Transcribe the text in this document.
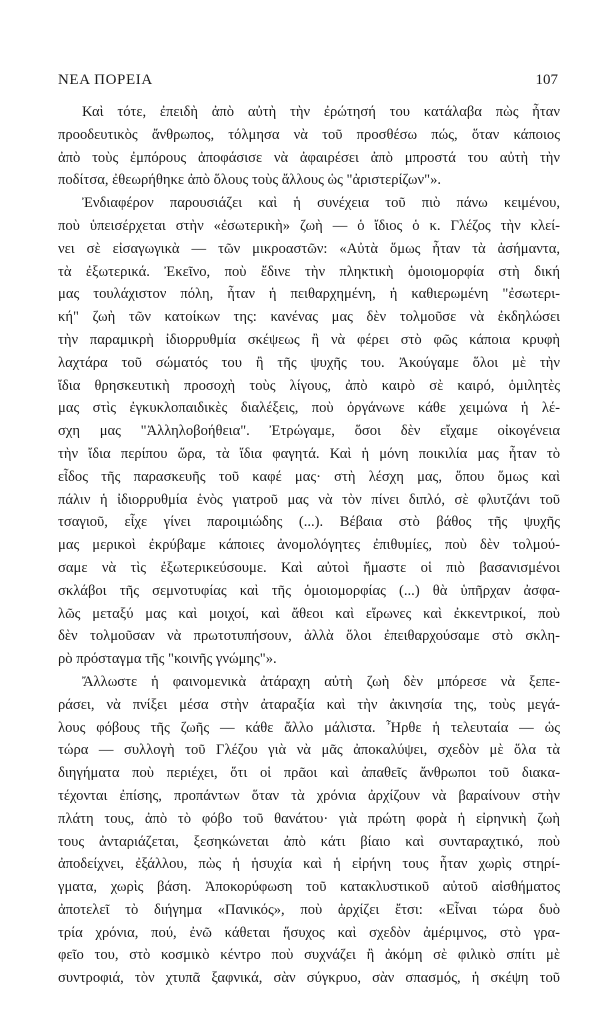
ΝΕΑ ΠΟΡΕΙΑ	107
Καὶ τότε, ἐπειδὴ ἀπὸ αὐτὴ τὴν ἐρώτησή του κατάλαβα πὼς ἦταν
προοδευτικὸς ἄνθρωπος, τόλμησα νὰ τοῦ προσθέσω πώς, ὅταν κάποιος
ἀπὸ τοὺς ἐμπόρους ἀποφάσισε νὰ ἀφαιρέσει ἀπὸ μπροστά του αὐτὴ τὴν
ποδίτσα, ἐθεωρήθηκε ἀπὸ ὅλους τοὺς ἄλλους ὡς "ἀριστερίζων"».
Ἐνδιαφέρον παρουσιάζει καὶ ἡ συνέχεια τοῦ πιὸ πάνω κειμένου,
ποὺ ὑπεισέρχεται στὴν «ἐσωτερικὴ» ζωὴ — ὁ ἴδιος ὁ κ. Γλέζος τὴν κλεί-
νει σὲ εἰσαγωγικὰ — τῶν μικροαστῶν: «Αὐτὰ ὅμως ἦταν τὰ ἀσήμαντα,
τὰ ἐξωτερικά. Ἐκεῖνο, ποὺ ἔδινε τὴν πληκτικὴ ὁμοιομορφία στὴ δική
μας τουλάχιστον πόλη, ἦταν ἡ πειθαρχημένη, ἡ καθιερωμένη "ἐσωτερι-
κή" ζωὴ τῶν κατοίκων της: κανένας μας δὲν τολμοῦσε νὰ ἐκδηλώσει
τὴν παραμικρὴ ἰδιορρυθμία σκέψεως ἢ νὰ φέρει στὸ φῶς κάποια κρυφὴ
λαχτάρα τοῦ σώματός του ἢ τῆς ψυχῆς του. Ἀκούγαμε ὅλοι μὲ τὴν
ἴδια θρησκευτικὴ προσοχὴ τοὺς λίγους, ἀπὸ καιρὸ σὲ καιρό, ὁμιλητὲς
μας στὶς ἐγκυκλοπαιδικὲς διαλέξεις, ποὺ ὀργάνωνε κάθε χειμώνα ἡ λέ-
σχη μας "Ἀλληλοβοήθεια". Ἐτρώγαμε, ὅσοι δὲν εἴχαμε οἰκογένεια
τὴν ἴδια περίπου ὥρα, τὰ ἴδια φαγητά. Καὶ ἡ μόνη ποικιλία μας ἦταν τὸ
εἶδος τῆς παρασκευῆς τοῦ καφέ μας· στὴ λέσχη μας, ὅπου ὅμως καὶ
πάλιν ἡ ἰδιορρυθμία ἑνὸς γιατροῦ μας νὰ τὸν πίνει διπλό, σὲ φλυτζάνι τοῦ
τσαγιοῦ, εἶχε γίνει παροιμιώδης (...). Βέβαια στὸ βάθος τῆς ψυχῆς
μας μερικοὶ ἐκρύβαμε κάποιες ἀνομολόγητες ἐπιθυμίες, ποὺ δὲν τολμού-
σαμε νὰ τὶς ἐξωτερικεύσουμε. Καὶ αὐτοὶ ἤμαστε οἱ πιὸ βασανισμένοι
σκλάβοι τῆς σεμνοτυφίας καὶ τῆς ὁμοιομορφίας (...) θὰ ὑπῆρχαν ἀσφα-
λῶς μεταξύ μας καὶ μοιχοί, καὶ ἄθεοι καὶ εἴρωνες καὶ ἐκκεντρικοί, ποὺ
δὲν τολμοῦσαν νὰ πρωτοτυπήσουν, ἀλλὰ ὅλοι ἐπειθαρχούσαμε στὸ σκλη-
ρὸ πρόσταγμα τῆς "κοινῆς γνώμης"».
Ἄλλωστε ἡ φαινομενικὰ ἀτάραχη αὐτὴ ζωὴ δὲν μπόρεσε νὰ ξεπε-
ράσει, νὰ πνίξει μέσα στὴν ἀταραξία καὶ τὴν ἀκινησία της, τοὺς μεγά-
λους φόβους τῆς ζωῆς — κάθε ἄλλο μάλιστα. Ἦρθε ἡ τελευταία — ὡς
τώρα — συλλογὴ τοῦ Γλέζου γιὰ νὰ μᾶς ἀποκαλύψει, σχεδὸν μὲ ὅλα τὰ
διηγήματα ποὺ περιέχει, ὅτι οἱ πρᾶοι καὶ ἀπαθεῖς ἄνθρωποι τοῦ διακα-
τέχονται ἐπίσης, προπάντων ὅταν τὰ χρόνια ἀρχίζουν νὰ βαραίνουν στὴν
πλάτη τους, ἀπὸ τὸ φόβο τοῦ θανάτου· γιὰ πρώτη φορὰ ἡ εἰρηνικὴ ζωὴ
τους ἀνταριάζεται, ξεσηκώνεται ἀπὸ κάτι βίαιο καὶ συνταραχτικό, ποὺ
ἀποδείχνει, ἐξάλλου, πὼς ἡ ἡσυχία καὶ ἡ εἰρήνη τους ἦταν χωρὶς στηρί-
γματα, χωρὶς βάση. Ἀποκορύφωση τοῦ κατακλυστικοῦ αὐτοῦ αἰσθήματος
ἀποτελεῖ τὸ διήγημα «Πανικός», ποὺ ἀρχίζει ἔτσι: «Εἶναι τώρα δυὸ
τρία χρόνια, πού, ἐνῶ κάθεται ἥσυχος καὶ σχεδὸν ἀμέριμνος, στὸ γρα-
φεῖο του, στὸ κοσμικὸ κέντρο ποὺ συχνάζει ἢ ἀκόμη σὲ φιλικὸ σπίτι μὲ
συντροφιά, τὸν χτυπᾶ ξαφνικά, σὰν σύγκρυο, σὰν σπασμός, ἡ σκέψη τοῦ
